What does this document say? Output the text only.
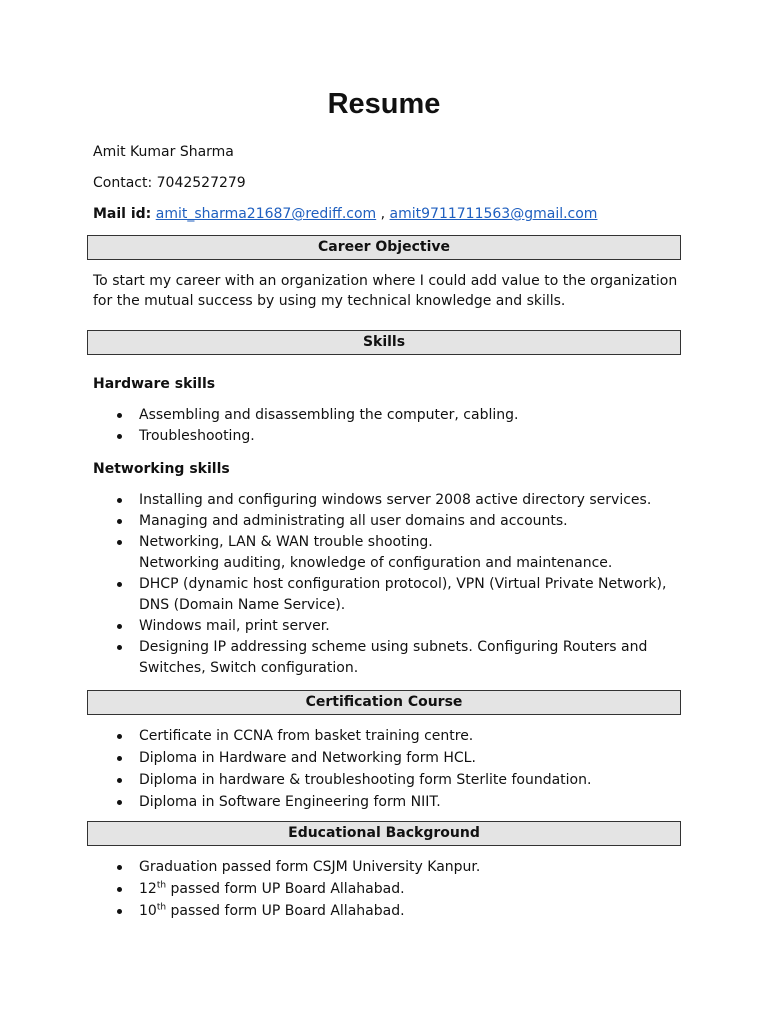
Resume
Amit Kumar Sharma
Contact: 7042527279
Mail id: amit_sharma21687@rediff.com , amit9711711563@gmail.com
Career Objective
To start my career with an organization where I could add value to the organization for the mutual success by using my technical knowledge and skills.
Skills
Hardware skills
Assembling and disassembling the computer, cabling.
Troubleshooting.
Networking skills
Installing and configuring windows server 2008 active directory services.
Managing and administrating all user domains and accounts.
Networking, LAN & WAN trouble shooting.
Networking auditing, knowledge of configuration and maintenance.
DHCP (dynamic host configuration protocol), VPN (Virtual Private Network),
DNS (Domain Name Service).
Windows mail, print server.
Designing IP addressing scheme using subnets. Configuring Routers and
Switches, Switch configuration.
Certification Course
Certificate in CCNA from basket training centre.
Diploma in Hardware and Networking form HCL.
Diploma in hardware & troubleshooting form Sterlite foundation.
Diploma in Software Engineering form NIIT.
Educational Background
Graduation passed form CSJM University Kanpur.
12th passed form UP Board Allahabad.
10th passed form UP Board Allahabad.
